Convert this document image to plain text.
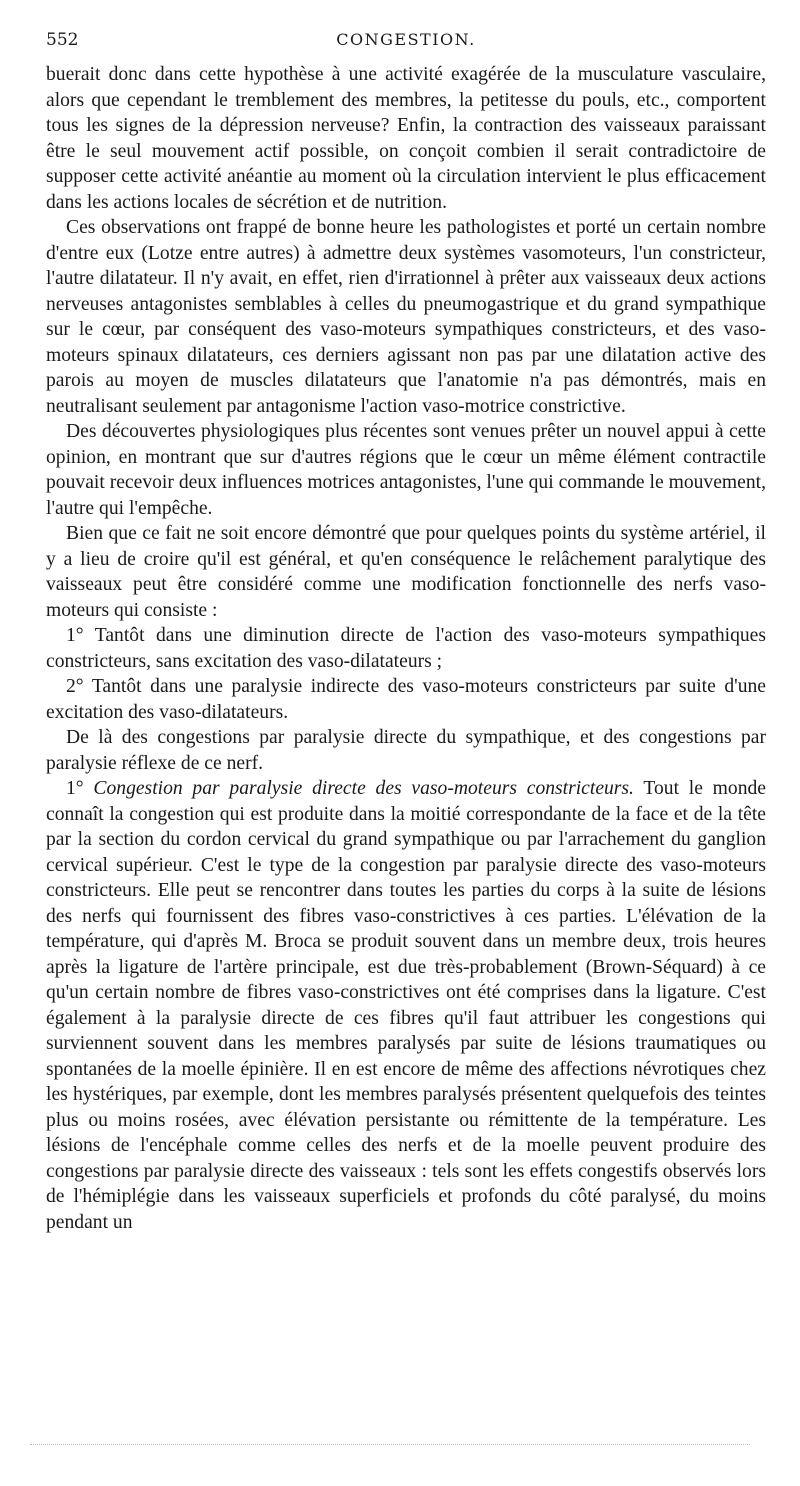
552	CONGESTION.

buerait donc dans cette hypothèse à une activité exagérée de la musculature vasculaire, alors que cependant le tremblement des membres, la petitesse du pouls, etc., comportent tous les signes de la dépression nerveuse? Enfin, la contraction des vaisseaux paraissant être le seul mouvement actif possible, on conçoit combien il serait contradictoire de supposer cette activité anéantie au moment où la circulation intervient le plus efficacement dans les actions locales de sécrétion et de nutrition.

Ces observations ont frappé de bonne heure les pathologistes et porté un certain nombre d'entre eux (Lotze entre autres) à admettre deux systèmes vasomoteurs, l'un constricteur, l'autre dilatateur. Il n'y avait, en effet, rien d'irrationnel à prêter aux vaisseaux deux actions nerveuses antagonistes semblables à celles du pneumogastrique et du grand sympathique sur le cœur, par conséquent des vaso-moteurs sympathiques constricteurs, et des vaso-moteurs spinaux dilatateurs, ces derniers agissant non pas par une dilatation active des parois au moyen de muscles dilatateurs que l'anatomie n'a pas démontrés, mais en neutralisant seulement par antagonisme l'action vaso-motrice constrictive.

Des découvertes physiologiques plus récentes sont venues prêter un nouvel appui à cette opinion, en montrant que sur d'autres régions que le cœur un même élément contractile pouvait recevoir deux influences motrices antagonistes, l'une qui commande le mouvement, l'autre qui l'empêche.

Bien que ce fait ne soit encore démontré que pour quelques points du système artériel, il y a lieu de croire qu'il est général, et qu'en conséquence le relâchement paralytique des vaisseaux peut être considéré comme une modification fonctionnelle des nerfs vaso-moteurs qui consiste :

1° Tantôt dans une diminution directe de l'action des vaso-moteurs sympathiques constricteurs, sans excitation des vaso-dilatateurs ;

2° Tantôt dans une paralysie indirecte des vaso-moteurs constricteurs par suite d'une excitation des vaso-dilatateurs.

De là des congestions par paralysie directe du sympathique, et des congestions par paralysie réflexe de ce nerf.

1° Congestion par paralysie directe des vaso-moteurs constricteurs. Tout le monde connaît la congestion qui est produite dans la moitié correspondante de la face et de la tête par la section du cordon cervical du grand sympathique ou par l'arrachement du ganglion cervical supérieur. C'est le type de la congestion par paralysie directe des vaso-moteurs constricteurs. Elle peut se rencontrer dans toutes les parties du corps à la suite de lésions des nerfs qui fournissent des fibres vaso-constrictives à ces parties. L'élévation de la température, qui d'après M. Broca se produit souvent dans un membre deux, trois heures après la ligature de l'artère principale, est due très-probablement (Brown-Séquard) à ce qu'un certain nombre de fibres vaso-constrictives ont été comprises dans la ligature. C'est également à la paralysie directe de ces fibres qu'il faut attribuer les congestions qui surviennent souvent dans les membres paralysés par suite de lésions traumatiques ou spontanées de la moelle épinière. Il en est encore de même des affections névrotiques chez les hystériques, par exemple, dont les membres paralysés présentent quelquefois des teintes plus ou moins rosées, avec élévation persistante ou rémittente de la température. Les lésions de l'encéphale comme celles des nerfs et de la moelle peuvent produire des congestions par paralysie directe des vaisseaux : tels sont les effets congestifs observés lors de l'hémiplégie dans les vaisseaux superficiels et profonds du côté paralysé, du moins pendant un
